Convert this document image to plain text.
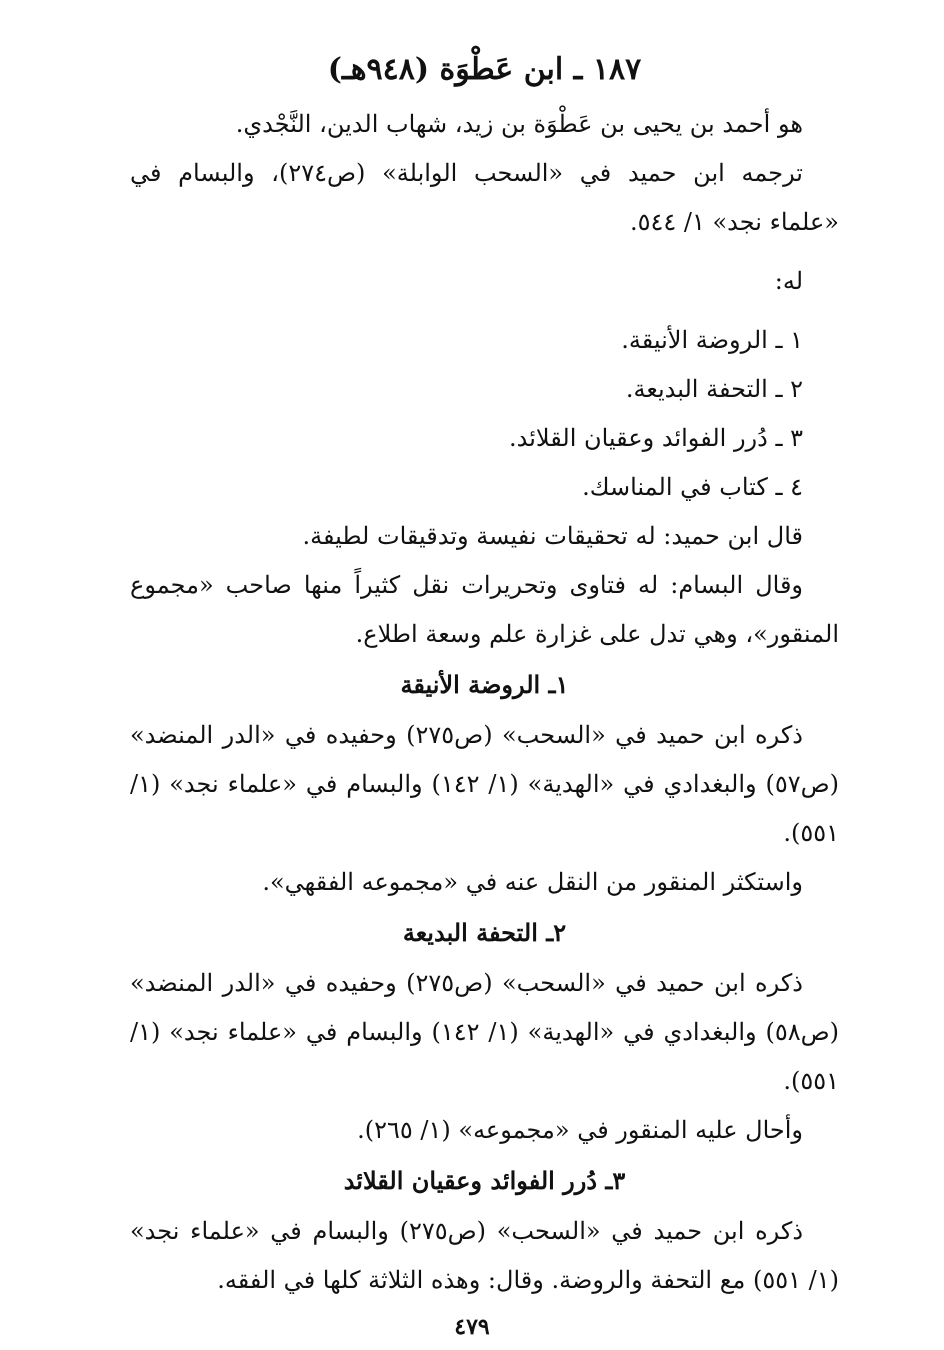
١٨٧ ـ ابن عَطْوَة (٩٤٨هـ)

هو أحمد بن يحيى بن عَطْوَة بن زيد، شهاب الدين، النَّجْدي.

ترجمه ابن حميد في «السحب الوابلة» (ص٢٧٤)، والبسام في «علماء نجد» ١/ ٥٤٤.

له:

١ ـ الروضة الأنيقة.

٢ ـ التحفة البديعة.

٣ ـ دُرر الفوائد وعقيان القلائد.

٤ ـ كتاب في المناسك.

قال ابن حميد: له تحقيقات نفيسة وتدقيقات لطيفة.

وقال البسام: له فتاوى وتحريرات نقل كثيراً منها صاحب «مجموع المنقور»، وهي تدل على غزارة علم وسعة اطلاع.

١ـ الروضة الأنيقة

ذكره ابن حميد في «السحب» (ص٢٧٥) وحفيده في «الدر المنضد» (ص٥٧) والبغدادي في «الهدية» (١/ ١٤٢) والبسام في «علماء نجد» (١/ ٥٥١).

واستكثر المنقور من النقل عنه في «مجموعه الفقهي».

٢ـ التحفة البديعة

ذكره ابن حميد في «السحب» (ص٢٧٥) وحفيده في «الدر المنضد» (ص٥٨) والبغدادي في «الهدية» (١/ ١٤٢) والبسام في «علماء نجد» (١/ ٥٥١).

وأحال عليه المنقور في «مجموعه» (١/ ٢٦٥).

٣ـ دُرر الفوائد وعقيان القلائد

ذكره ابن حميد في «السحب» (ص٢٧٥) والبسام في «علماء نجد» (١/ ٥٥١) مع التحفة والروضة. وقال: وهذه الثلاثة كلها في الفقه.

٤٧٩
